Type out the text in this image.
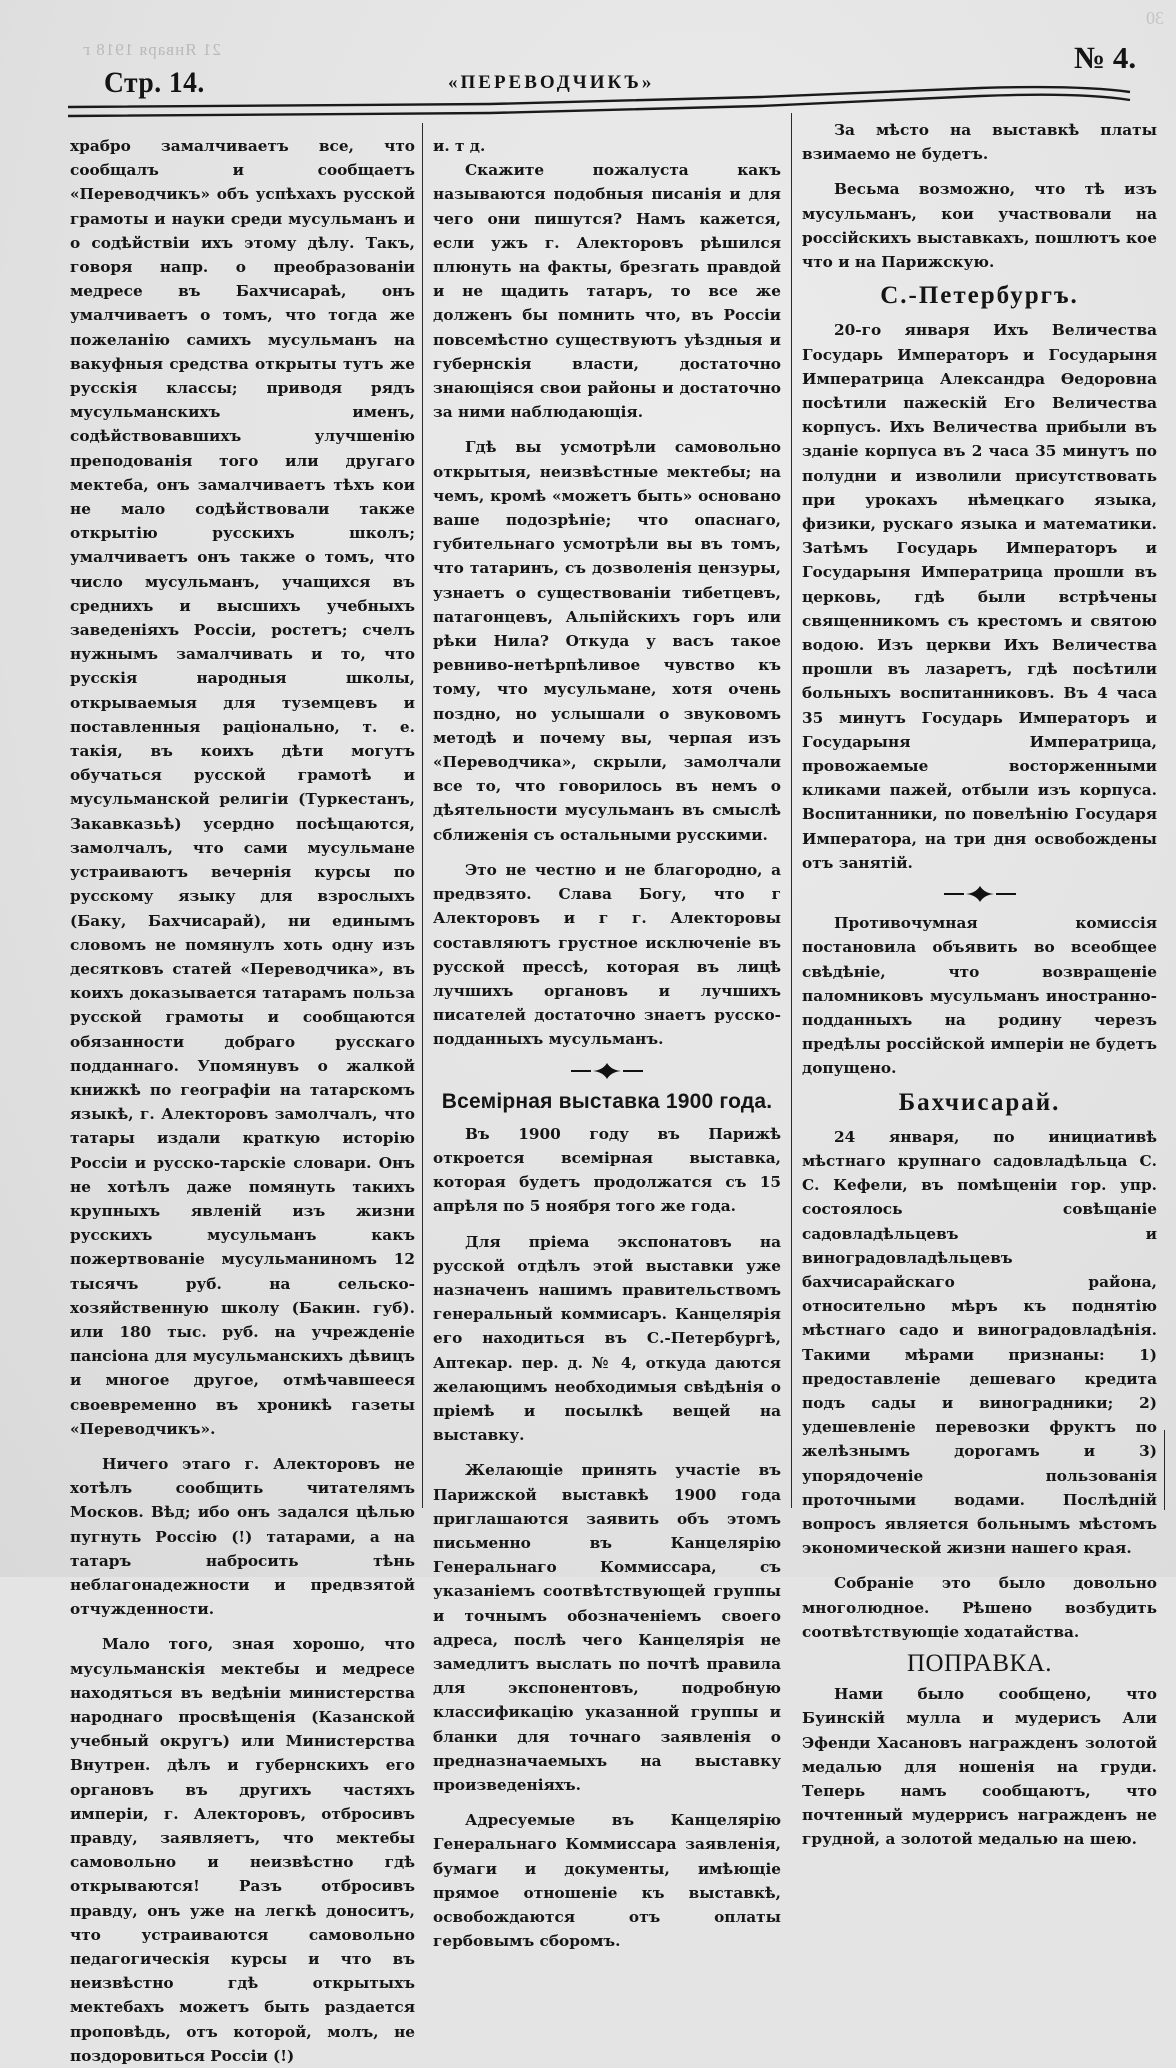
21 Января 1918 г
30
Стр. 14.	«ПЕРЕВОДЧИКЪ»
№ 4.

храбро замалчиваетъ все, что сообщалъ и сообщаетъ «Переводчикъ» объ успѣхахъ русской грамоты и науки среди мусульманъ и о содѣйствіи ихъ этому дѣлу. Такъ, говоря напр. о преобразованіи медресе въ Бахчисараѣ, онъ умалчиваетъ о томъ, что тогда же пожеланію самихъ мусульманъ на вакуфныя средства открыты тутъ же русскія классы; приводя рядъ мусульманскихъ именъ, содѣйствовавшихъ улучшенію преподованія того или другаго мектеба, онъ замалчиваетъ тѣхъ кои не мало содѣйствовали также открытію русскихъ школъ; умалчиваетъ онъ также о томъ, что число мусульманъ, учащихся въ среднихъ и высшихъ учебныхъ заведеніяхъ Россіи, ростетъ; счелъ нужнымъ замалчивать и то, что русскія народныя школы, открываемыя для туземцевъ и поставленныя раціонально, т. е. такія, въ коихъ дѣти могутъ обучаться русской грамотѣ и мусульманской религіи (Туркестанъ, Закавказьѣ) усердно посѣщаются, замолчалъ, что сами мусульмане устраиваютъ вечернія курсы по русскому языку для взрослыхъ (Баку, Бахчисарай), ни единымъ словомъ не помянулъ хоть одну изъ десятковъ статей «Переводчика», въ коихъ доказывается татарамъ польза русской грамоты и сообщаются обязанности добраго русскаго подданнаго. Упомянувъ о жалкой книжкѣ по географіи на татарскомъ языкѣ, г. Алекторовъ замолчалъ, что татары издали краткую исторію Россіи и русско-тарскіе словари. Онъ не хотѣлъ даже помянуть такихъ крупныхъ явленій изъ жизни русскихъ мусульманъ какъ пожертвованіе мусульманиномъ 12 тысячъ руб. на сельско-хозяйственную школу (Бакин. губ). или 180 тыс. руб. на учрежденіе пансіона для мусульманскихъ дѣвицъ и многое другое, отмѣчавшееся своевременно въ хроникѣ газеты «Переводчикъ».

Ничего этаго г. Алекторовъ не хотѣлъ сообщить читателямъ Москов. Вѣд; ибо онъ задался цѣлью пугнуть Россію (!) татарами, а на татаръ набросить тѣнь неблагонадежности и предвзятой отчужденности.

Мало того, зная хорошо, что мусульманскія мектебы и медресе находяться въ ведѣніи министерства народнаго просвѣщенія (Казанской учебный округъ) или Министерства Внутрен. дѣлъ и губернскихъ его органовъ въ другихъ частяхъ имперіи, г. Алекторовъ, отбросивъ правду, заявляетъ, что мектебы самовольно и неизвѣстно гдѣ открываются! Разъ отбросивъ правду, онъ уже на легкѣ доноситъ, что устраиваются самовольно педагогическія курсы и что въ неизвѣстно гдѣ открытыхъ мектебахъ можетъ быть раздается проповѣдь, отъ которой, молъ, не поздоровиться Россіи (!)

и. т д.

Скажите пожалуста какъ называются подобныя писанія и для чего они пишутся? Намъ кажется, если ужъ г. Алекторовъ рѣшился плюнуть на факты, брезгать правдой и не щадить татаръ, то все же долженъ бы помнить что, въ Россіи повсемѣстно существуютъ уѣздныя и губернскія власти, достаточно знающіяся свои районы и достаточно за ними наблюдающія.

Гдѣ вы усмотрѣли самовольно открытыя, неизвѣстные мектебы; на чемъ, кромѣ «можетъ быть» основано ваше подозрѣніе; что опаснаго, губительнаго усмотрѣли вы въ томъ, что татаринъ, съ дозволенія цензуры, узнаетъ о существованіи тибетцевъ, патагонцевъ, Альпійскихъ горъ или рѣки Нила? Откуда у васъ такое ревниво-нетѣрпѣливое чувство къ тому, что мусульмане, хотя очень поздно, но услышали о звуковомъ методѣ и почему вы, черпая изъ «Переводчика», скрыли, замолчали все то, что говорилось въ немъ о дѣятельности мусульманъ въ смыслѣ сближенія съ остальными русскими.

Это не честно и не благородно, а предвзято. Слава Богу, что г Алекторовъ и г г. Алекторовы составляютъ грустное исключеніе въ русской прессѣ, которая въ лицѣ лучшихъ органовъ и лучшихъ писателей достаточно знаетъ русско-подданныхъ мусульманъ.

Всемірная выставка 1900 года.

Въ 1900 году въ Парижѣ откроется всемірная выставка, которая будетъ продолжатся съ 15 апрѣля по 5 ноября того же года.

Для пріема экспонатовъ на русской отдѣлъ этой выставки уже назначенъ нашимъ правительствомъ генеральный коммисаръ. Канцелярія его находиться въ С.-Петербургѣ, Аптекар. пер. д. № 4, откуда даются желающимъ необходимыя свѣдѣнія о пріемѣ и посылкѣ вещей на выставку.

Желающіе принять участіе въ Парижской выставкѣ 1900 года приглашаются заявить объ этомъ письменно въ Канцелярію Генеральнаго Коммиссара, съ указаніемъ соотвѣтствующей группы и точнымъ обозначеніемъ своего адреса, послѣ чего Канцелярія не замедлитъ выслать по почтѣ правила для экспонентовъ, подробную классификацію указанной группы и бланки для точнаго заявленія о предназначаемыхъ на выставку произведеніяхъ.

Адресуемые въ Канцелярію Генеральнаго Коммиссара заявленія, бумаги и документы, имѣющіе прямое отношеніе къ выставкѣ, освобождаются отъ оплаты гербовымъ сборомъ.

За мѣсто на выставкѣ платы взимаемо не будетъ.

Весьма возможно, что тѣ изъ мусульманъ, кои участвовали на россійскихъ выставкахъ, пошлютъ кое что и на Парижскую.

С.-Петербургъ.

20-го января Ихъ Величества Государь Императоръ и Государыня Императрица Александра Ѳедоровна посѣтили пажескій Его Величества корпусъ. Ихъ Величества прибыли въ зданіе корпуса въ 2 часа 35 минутъ по полудни и изволили присутствовать при урокахъ нѣмецкаго языка, физики, рускаго языка и математики. Затѣмъ Государь Императоръ и Государыня Императрица прошли въ церковь, гдѣ были встрѣчены священникомъ съ крестомъ и святою водою. Изъ церкви Ихъ Величества прошли въ лазаретъ, гдѣ посѣтили больныхъ воспитанниковъ. Въ 4 часа 35 минутъ Государь Императоръ и Государыня Императрица, провожаемые восторженными кликами пажей, отбыли изъ корпуса. Воспитанники, по повелѣнію Государя Императора, на три дня освобождены отъ занятій.

Противочумная комиссія постановила объявить во всеобщее свѣдѣніе, что возвращеніе паломниковъ мусульманъ иностранно-подданныхъ на родину черезъ предѣлы россійской имперіи не будетъ допущено.

Бахчисарай.

24 января, по инициативѣ мѣстнаго крупнаго садовладѣльца С. С. Кефели, въ помѣщеніи гор. упр. состоялось совѣщаніе садовладѣльцевъ и виноградовладѣльцевъ бахчисарайскаго района, относительно мѣръ къ поднятію мѣстнаго садо и виноградовладѣнія. Такими мѣрами признаны: 1) предоставленіе дешеваго кредита подъ сады и виноградники; 2) удешевленіе перевозки фруктъ по желѣзнымъ дорогамъ и 3) упорядоченіе пользованія проточными водами. Послѣдній вопросъ является больнымъ мѣстомъ экономической жизни нашего края.

Собраніе это было довольно многолюдное. Рѣшено возбудить соотвѣтствующіе ходатайства.

ПОПРАВКА.

Нами было сообщено, что Буинскій мулла и мудерисъ Али Эфенди Хасановъ награжденъ золотой медалью для ношенія на груди. Теперь намъ сообщаютъ, что почтенный мудеррисъ награжденъ не грудной, а золотой медалью на шею.
